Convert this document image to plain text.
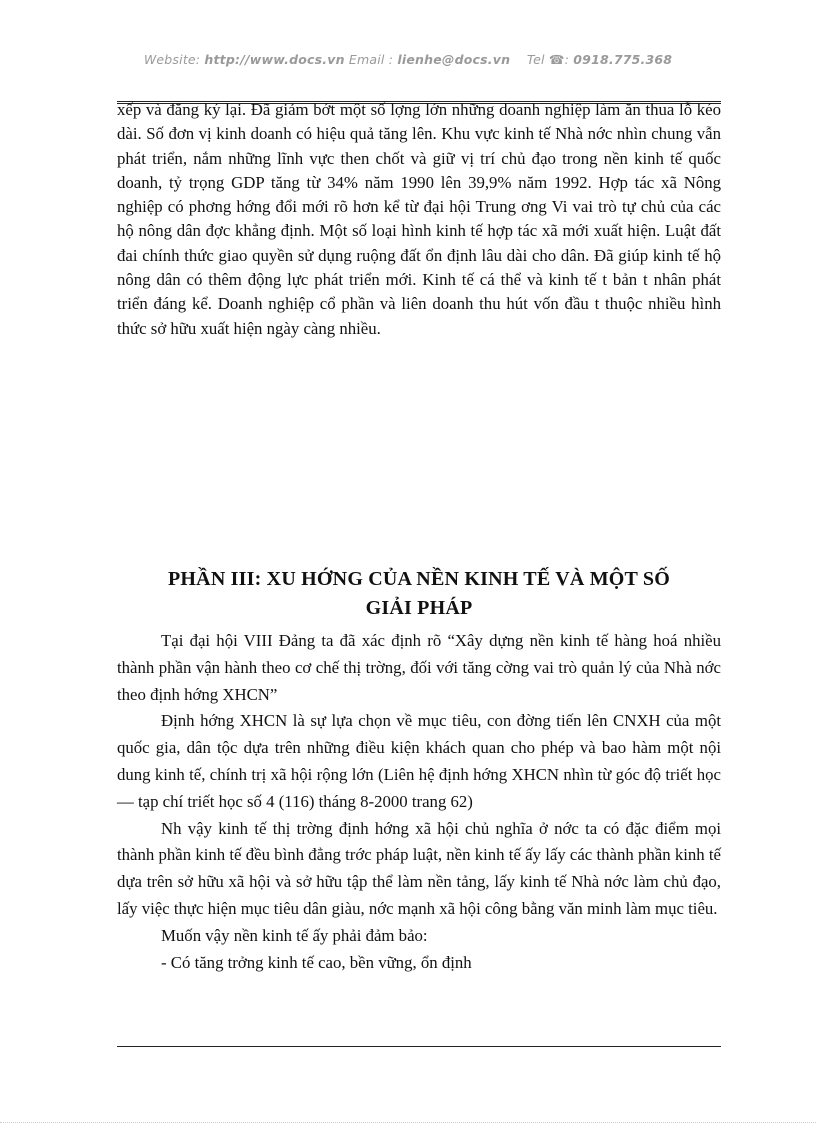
Website: http://www.docs.vn Email : lienhe@docs.vn Tel ☎: 0918.775.368

xếp và đăng ký lại. Đã giảm bớt một số lợng lớn những doanh nghiệp làm ăn thua lỗ kéo dài. Số đơn vị kinh doanh có hiệu quả tăng lên. Khu vực kinh tế Nhà nớc nhìn chung vẫn phát triển, nắm những lĩnh vực then chốt và giữ vị trí chủ đạo trong nền kinh tế quốc doanh, tỷ trọng GDP tăng từ 34% năm 1990 lên 39,9% năm 1992. Hợp tác xã Nông nghiệp có phơng hớng đổi mới rõ hơn kể từ đại hội Trung ơng Vi vai trò tự chủ của các hộ nông dân đợc khẳng định. Một số loại hình kinh tế hợp tác xã mới xuất hiện. Luật đất đai chính thức giao quyền sử dụng ruộng đất ổn định lâu dài cho dân. Đã giúp kinh tế hộ nông dân có thêm động lực phát triển mới. Kinh tế cá thể và kinh tế t bản t nhân phát triển đáng kể. Doanh nghiệp cổ phần và liên doanh thu hút vốn đầu t thuộc nhiều hình thức sở hữu xuất hiện ngày càng nhiều.

PHẦN III: XU HỚNG CỦA NỀN KINH TẾ VÀ MỘT SỐ
GIẢI PHÁP

Tại đại hội VIII Đảng ta đã xác định rõ “Xây dựng nền kinh tế hàng hoá nhiều thành phần vận hành theo cơ chế thị trờng, đối với tăng cờng vai trò quản lý của Nhà nớc theo định hớng XHCN”

Định hớng XHCN là sự lựa chọn về mục tiêu, con đờng tiến lên CNXH của một quốc gia, dân tộc dựa trên những điều kiện khách quan cho phép và bao hàm một nội dung kinh tế, chính trị xã hội rộng lớn (Liên hệ định hớng XHCN nhìn từ góc độ triết học — tạp chí triết học số 4 (116) tháng 8-2000 trang 62)

Nh vậy kinh tế thị trờng định hớng xã hội chủ nghĩa ở nớc ta có đặc điểm mọi thành phần kinh tế đều bình đẳng trớc pháp luật, nền kinh tế ấy lấy các thành phần kinh tế dựa trên sở hữu xã hội và sở hữu tập thể làm nền tảng, lấy kinh tế Nhà nớc làm chủ đạo, lấy việc thực hiện mục tiêu dân giàu, nớc mạnh xã hội công bằng văn minh làm mục tiêu.

Muốn vậy nền kinh tế ấy phải đảm bảo:

- Có tăng trởng kinh tế cao, bền vững, ổn định
